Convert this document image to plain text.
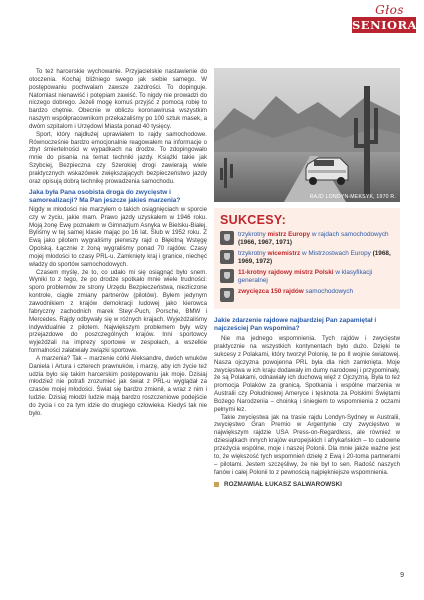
Głos
SENIORA

To też harcerskie wychowanie. Przyjacielskie nastawienie do otoczenia. Kochaj bliźniego swego jak siebie samego. W postępowaniu pochwalam zawsze zazdrości. To dopinguje. Natomiast nienawiść i potępiam zawiść. To nigdy nie prowadzi do niczego dobrego. Jeżeli mogę komuś przyjść z pomocą robię to bardzo chętnie. Obecnie w obliczu koronawirusa wszystkim naszym współpracownikom przekazaliśmy po 100 sztuk masek, a dwóm szpitalom i Urzędowi Miasta ponad 40 tysięcy.

Sport, który najdłużej uprawiałem to rajdy samochodowe. Równocześnie bardzo emocjonalnie reagowałem na informacje o zbyt śmiertelności w wypadkach na drodze. To zdopingowało mnie do pisania na temat techniki jazdy. Książki takie jak Szybciej, Bezpieczna czy Szerokiej drogi zawierają wiele praktycznych wskazówek zwiększających bezpieczeństwo jazdy oraz opisują dobrą technikę prowadzenia samochodu.

Jaka była Pana osobista droga do zwycięstw i samorealizacji? Ma Pan jeszcze jakieś marzenia?

Nigdy w młodości nie marzyłem o takich osiągnięciach w sporcie czy w życiu, jakie mam. Prawo jazdy uzyskałem w 1946 roku. Moją żonę Ewę poznałem w Gimnazjum Asnyka w Bielsku-Białej. Byliśmy w tej samej klasie mając po 16 lat. Ślub w 1952 roku. Z Ewą jako pilotem wygraliśmy pierwszy rajd o Błękitną Wstęgę Opolską. Łącznie z żoną wygraliśmy ponad 70 rajdów. Czasy mojej młodości to czasy PRL-u. Zamknięty kraj i granice, niechęć władzy do sportów samochodowych.

Czasem myślę, że to, co udało mi się osiągnąć było snem. Wyniki to z tego, że po drodze spotkało mnie wiele trudności: sporo problemów ze strony Urzędu Bezpieczeństwa, niezliczone kontrole, ciągłe zmiany partnerów (pilotów). Byłem jedynym zawodnikiem z krajów demokracji ludowej jako kierowca fabryczny zachodnich marek Steyr-Puch, Porsche, BMW i Mercedes. Rajdy odbywały się w różnych krajach. Wyjeżdżaliśmy indywidualnie z pilotem. Największym problemem były wizy przejazdowe do poszczególnych krajów. Inni sportowcy wyjeżdżali na imprezy sportowe w zespołach, a wszelkie formalności załatwiały związki sportowe.

A marzenia? Tak – marzenie córki Aleksandre, dwóch wnuków Daniela i Artura i czterech prawnuków, i marzę, aby ich życie też udzia było się takim harcerskim postępowaniu jak moje. Dzisiaj młodzież nie potrafi zrozumieć jak świat z PRL-u wyglądał za czasów mojej młodości. Świat się bardzo zmienił, a wraz z nim i ludzie. Dzisiaj młodzi ludzie mają bardzo roszczeniowe podejście do życia i co za tym idzie do drugiego człowieka. Kiedyś tak nie było.

RAJD LONDYN-MEKSYK, 1970 R.
SUKCESY:
trzykrotny mistrz Europy w rajdach samochodowych (1966, 1967, 1971)
trzykrotny wicemistrz w Mistrzostwach Europy (1968, 1969, 1972)
11-krotny rajdowy mistrz Polski w klasyfikacji generalnej
zwycięzca 150 rajdów samochodowych
Jakie zdarzenie rajdowe najbardziej Pan zapamiętał i najcześciej Pan wspomina?

Nie ma jednego wspomnienia. Tych rajdów i zwycięstw praktycznie na wszystkich kontynentach było dużo. Dzięki te sukcesy z Polakami, który tworzył Polonię, te po II wojnie światowej. Nasza ojczyzna powojenna PRL była dla nich zamknięta. Moje zwycięstwa w ich kraju dodawały im dumy narodowej i przypominały, że są Polakami, odnawiały ich duchową więź z Ojczyzną. Była to też promocja Polaków za granicą. Spotkania i wspólne marzenia w Australii czy Południowej Ameryce i tęsknota za Polskimi Świętami Bożego Narodzenia – choinką i śniegiem to wspomnienia z oczami pełnymi łez.

Takie zwycięstwa jak na trasie rajdu Londyn-Sydney w Australii, zwycięstwo Gran Premio w Argentynie czy zwycięstwo w największym rajdzie USA Press-on-Regardless, ale również w dziesiątkach innych krajów europejskich i afrykańskich – to cudowne przeżycia wspólne, moje i naszej Polonii. Dla mnie jakże ważne jest to, że większość tych wspomnień dzielę z Ewą i 20-toma partnerami – pilotami. Jestem szczęśliwy, że nie był to sen. Radość naszych fanów i całej Polonii to z pewnością najpiękniejsze wspomnienia.

ROZMAWIAŁ ŁUKASZ SALWAROWSKI
9
